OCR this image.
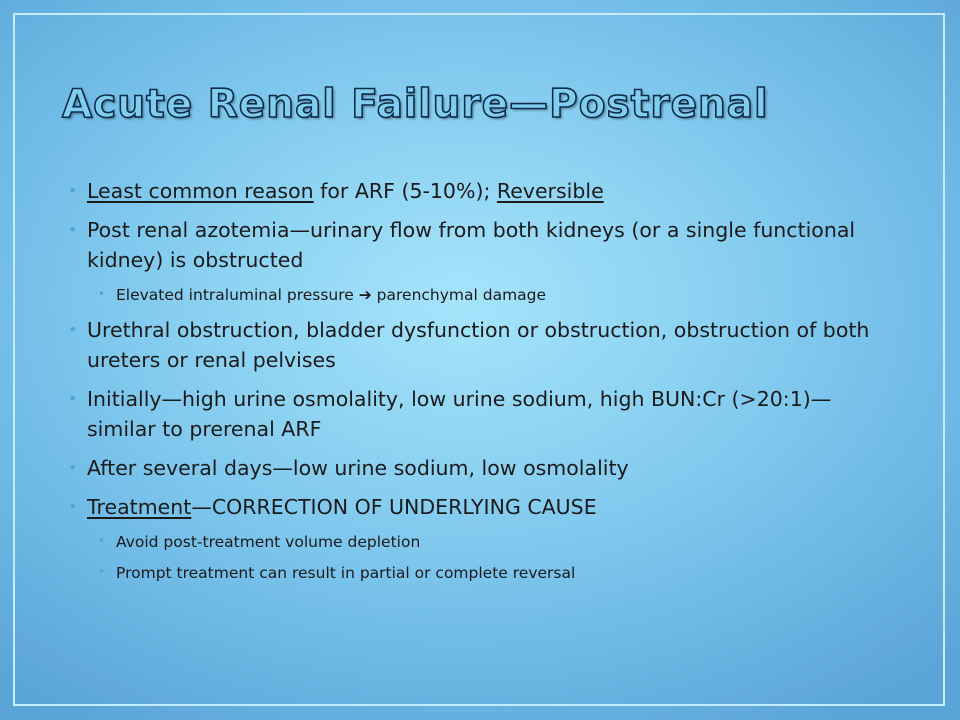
Acute Renal Failure—Postrenal
• Least common reason for ARF (5-10%); Reversible
• Post renal azotemia—urinary flow from both kidneys (or a single functional kidney) is obstructed
• Elevated intraluminal pressure ➔ parenchymal damage
• Urethral obstruction, bladder dysfunction or obstruction, obstruction of both ureters or renal pelvises
• Initially—high urine osmolality, low urine sodium, high BUN:Cr (>20:1)—similar to prerenal ARF
• After several days—low urine sodium, low osmolality
• Treatment—CORRECTION OF UNDERLYING CAUSE
• Avoid post-treatment volume depletion
• Prompt treatment can result in partial or complete reversal
